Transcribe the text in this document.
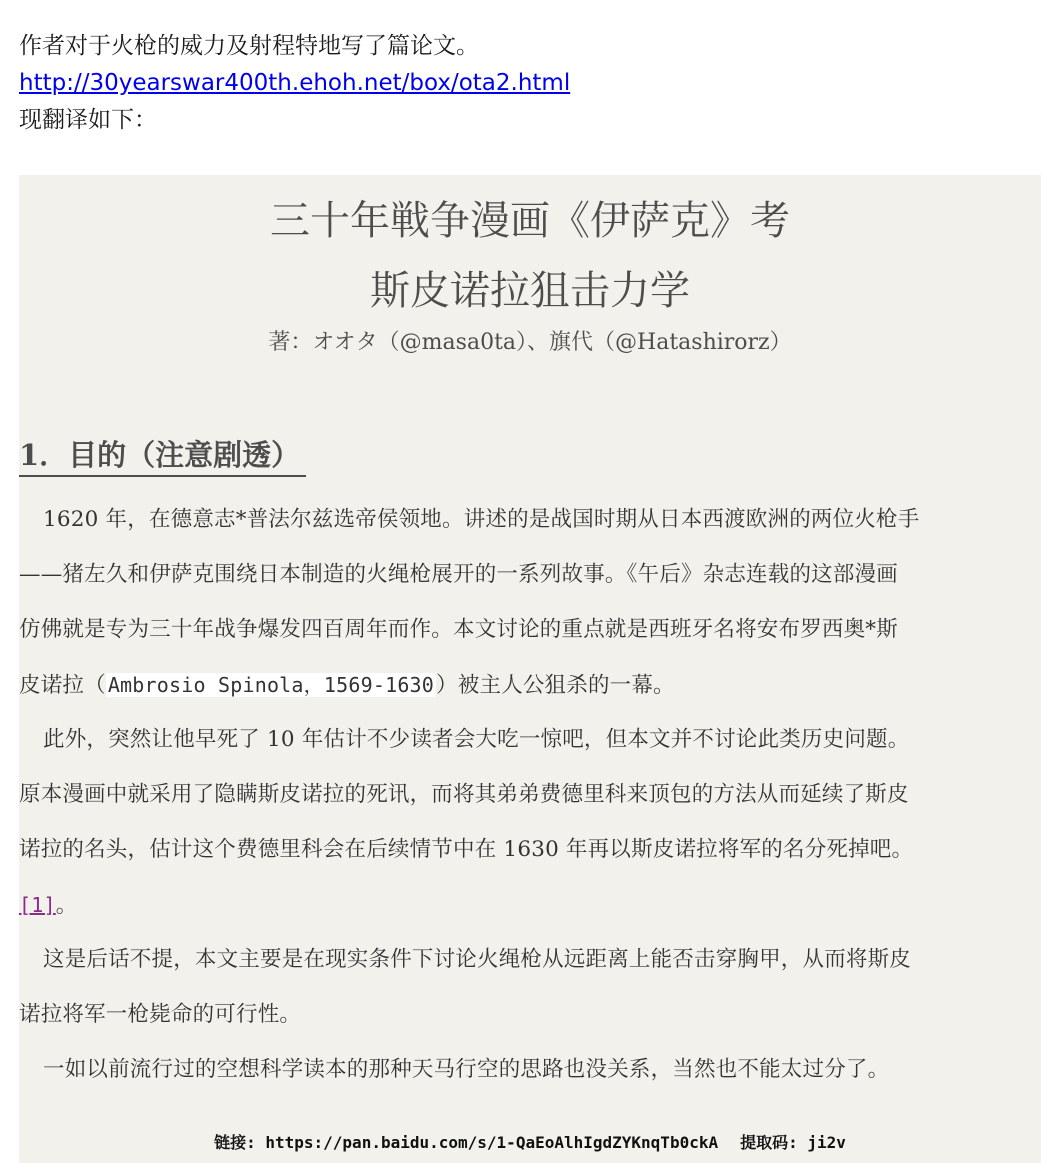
作者对于火枪的威力及射程特地写了篇论文。
http://30yearswar400th.ehoh.net/box/ota2.html
现翻译如下：
三十年戦争漫画《伊萨克》考
斯皮诺拉狙击力学
著：オオタ（@masa0ta）、旗代（@Hatashirorz）
1．目的（注意剧透）
1620 年，在德意志*普法尔兹选帝侯领地。讲述的是战国时期从日本西渡欧洲的两位火枪手
——猪左久和伊萨克围绕日本制造的火绳枪展开的一系列故事。《午后》杂志连载的这部漫画
仿佛就是专为三十年战争爆发四百周年而作。本文讨论的重点就是西班牙名将安布罗西奥*斯
皮诺拉（ Ambrosio Spinola，1569-1630）被主人公狙杀的一幕。
此外，突然让他早死了 10 年估计不少读者会大吃一惊吧，但本文并不讨论此类历史问题。
原本漫画中就采用了隐瞒斯皮诺拉的死讯，而将其弟弟费德里科来顶包的方法从而延续了斯皮
诺拉的名头，估计这个费德里科会在后续情节中在 1630 年再以斯皮诺拉将军的名分死掉吧。
[1]。
这是后话不提，本文主要是在现实条件下讨论火绳枪从远距离上能否击穿胸甲，从而将斯皮
诺拉将军一枪毙命的可行性。
一如以前流行过的空想科学读本的那种天马行空的思路也没关系，当然也不能太过分了。
链接: https://pan.baidu.com/s/1-QaEoAlhIgdZYKnqTb0ckA 提取码: ji2v
